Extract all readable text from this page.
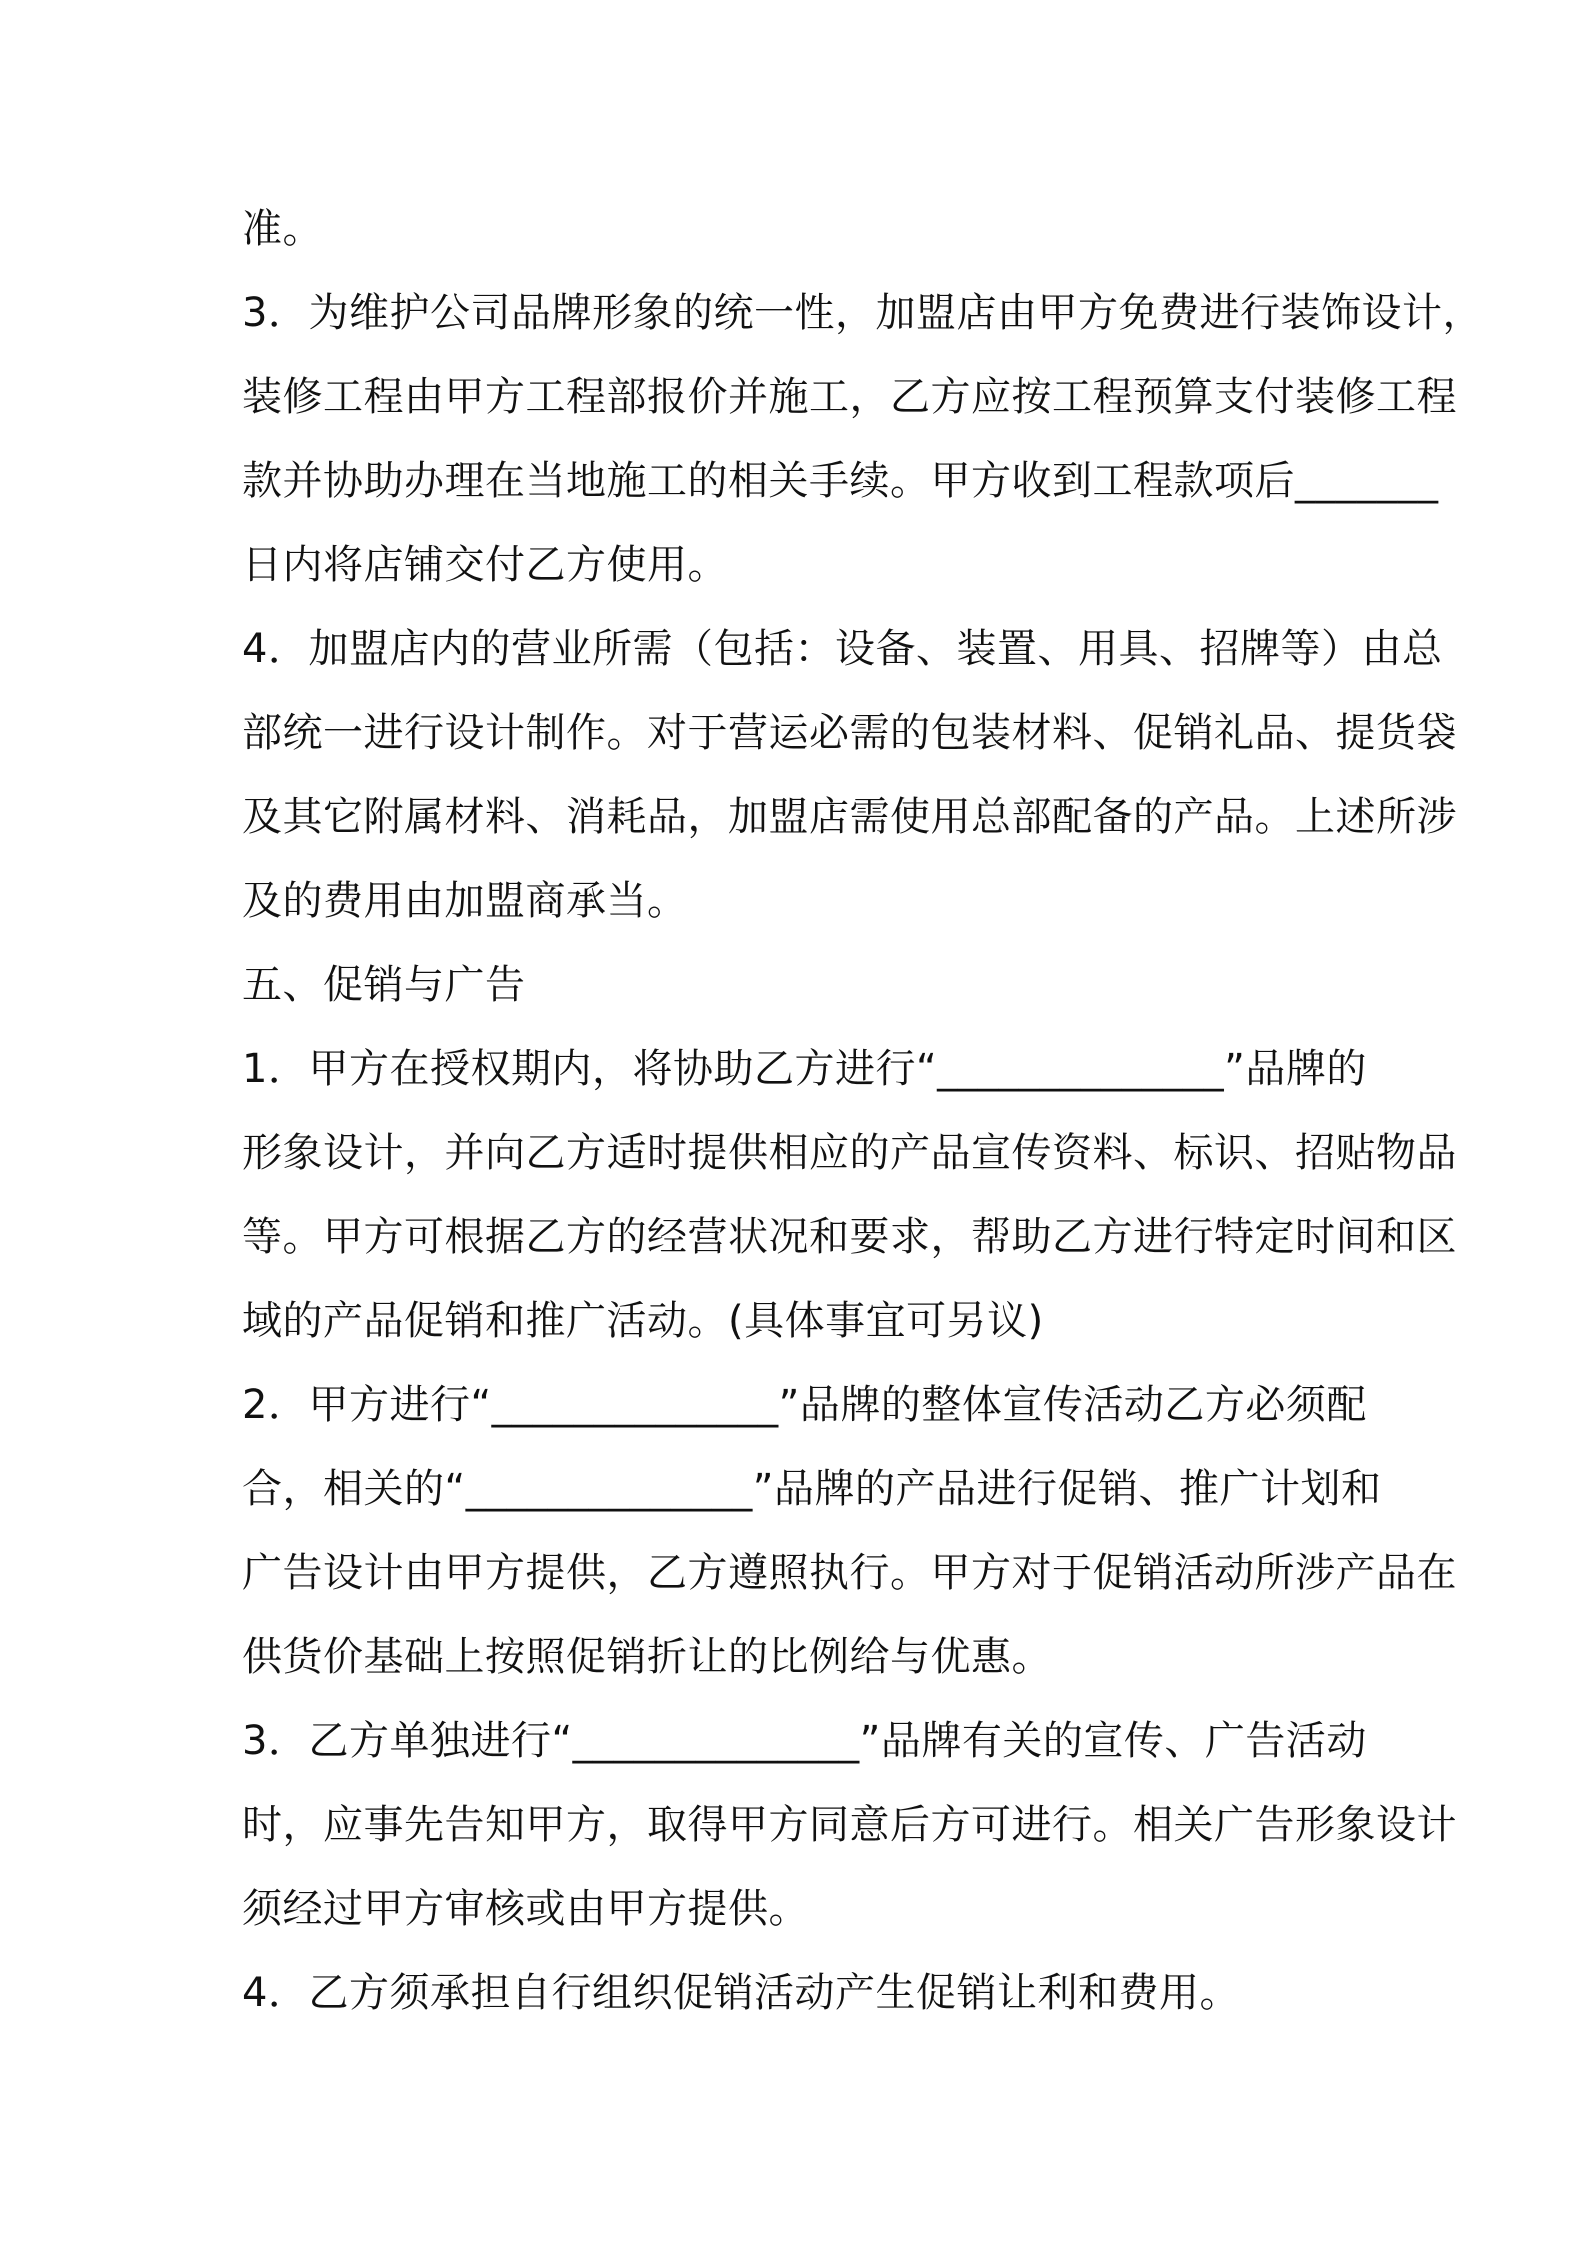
准。
3．为维护公司品牌形象的统一性，加盟店由甲方免费进行装饰设计，
装修工程由甲方工程部报价并施工，乙方应按工程预算支付装修工程
款并协助办理在当地施工的相关手续。甲方收到工程款项后_______
日内将店铺交付乙方使用。
4．加盟店内的营业所需（包括：设备、装置、用具、招牌等）由总
部统一进行设计制作。对于营运必需的包装材料、促销礼品、提货袋
及其它附属材料、消耗品，加盟店需使用总部配备的产品。上述所涉
及的费用由加盟商承当。
五、促销与广告
1．甲方在授权期内，将协助乙方进行“______________”品牌的
形象设计，并向乙方适时提供相应的产品宣传资料、标识、招贴物品
等。甲方可根据乙方的经营状况和要求，帮助乙方进行特定时间和区
域的产品促销和推广活动。(具体事宜可另议)
2．甲方进行“______________”品牌的整体宣传活动乙方必须配
合，相关的“______________”品牌的产品进行促销、推广计划和
广告设计由甲方提供，乙方遵照执行。甲方对于促销活动所涉产品在
供货价基础上按照促销折让的比例给与优惠。
3．乙方单独进行“______________”品牌有关的宣传、广告活动
时，应事先告知甲方，取得甲方同意后方可进行。相关广告形象设计
须经过甲方审核或由甲方提供。
4．乙方须承担自行组织促销活动产生促销让利和费用。
